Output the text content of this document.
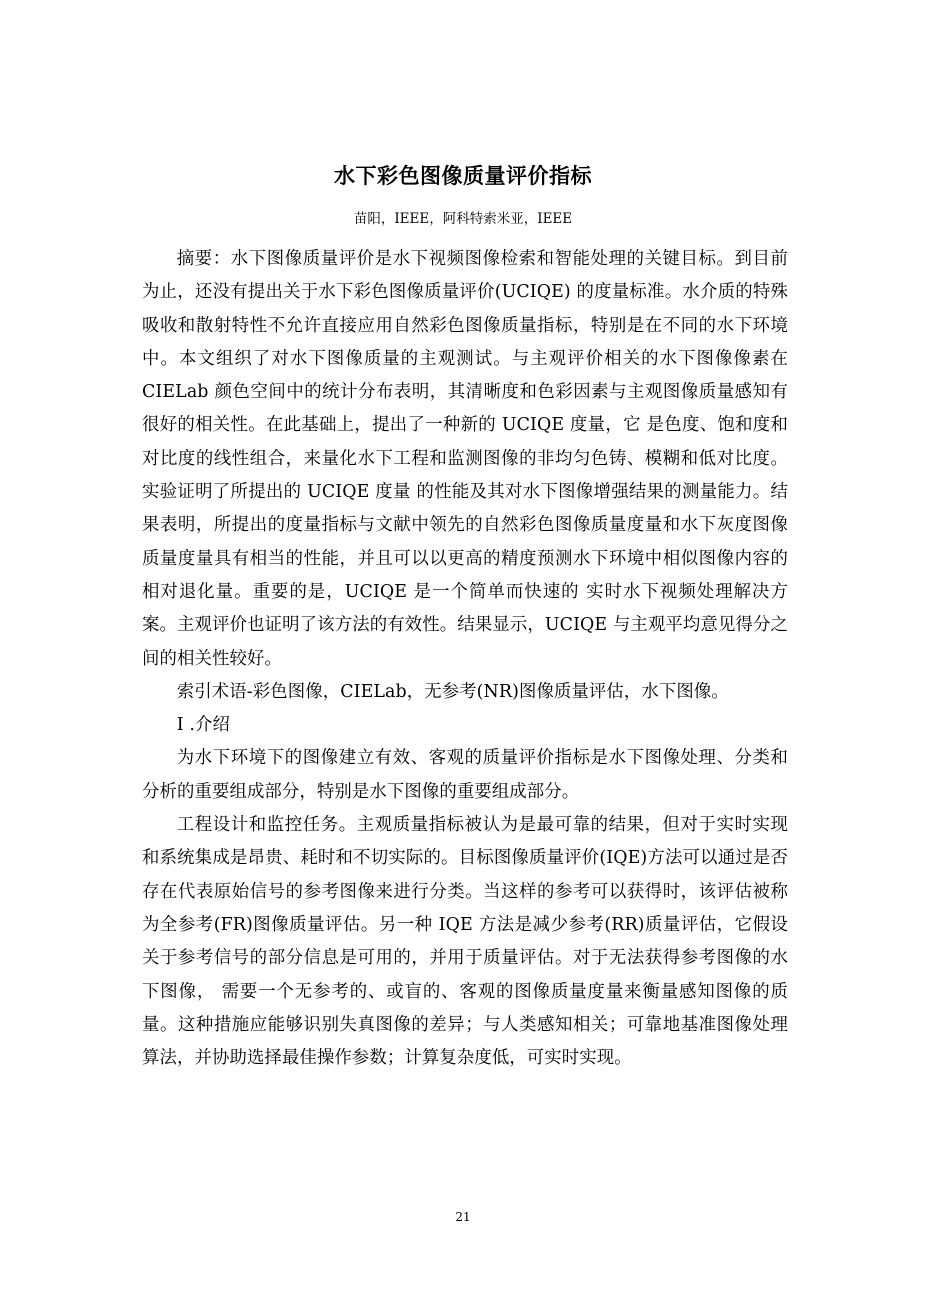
水下彩色图像质量评价指标
苗阳，IEEE，阿科特索米亚，IEEE

摘要：水下图像质量评价是水下视频图像检索和智能处理的关键目标。到目前为止，还没有提出关于水下彩色图像质量评价(UCIQE) 的度量标准。水介质的特殊吸收和散射特性不允许直接应用自然彩色图像质量指标，特别是在不同的水下环境中。本文组织了对水下图像质量的主观测试。与主观评价相关的水下图像像素在 CIELab 颜色空间中的统计分布表明，其清晰度和色彩因素与主观图像质量感知有很好的相关性。在此基础上，提出了一种新的 UCIQE 度量，它 是色度、饱和度和对比度的线性组合，来量化水下工程和监测图像的非均匀色铸、模糊和低对比度。实验证明了所提出的 UCIQE 度量 的性能及其对水下图像增强结果的测量能力。结果表明，所提出的度量指标与文献中领先的自然彩色图像质量度量和水下灰度图像质量度量具有相当的性能，并且可以以更高的精度预测水下环境中相似图像内容的相对退化量。重要的是，UCIQE 是一个简单而快速的 实时水下视频处理解决方案。主观评价也证明了该方法的有效性。结果显示，UCIQE 与主观平均意见得分之间的相关性较好。

索引术语-彩色图像，CIELab，无参考(NR)图像质量评估，水下图像。

I .介绍

为水下环境下的图像建立有效、客观的质量评价指标是水下图像处理、分类和分析的重要组成部分，特别是水下图像的重要组成部分。

工程设计和监控任务。主观质量指标被认为是最可靠的结果，但对于实时实现和系统集成是昂贵、耗时和不切实际的。目标图像质量评价(IQE)方法可以通过是否存在代表原始信号的参考图像来进行分类。当这样的参考可以获得时，该评估被称为全参考(FR)图像质量评估。另一种 IQE 方法是减少参考(RR)质量评估，它假设关于参考信号的部分信息是可用的，并用于质量评估。对于无法获得参考图像的水下图像， 需要一个无参考的、或盲的、客观的图像质量度量来衡量感知图像的质量。这种措施应能够识别失真图像的差异；与人类感知相关；可靠地基准图像处理算法，并协助选择最佳操作参数；计算复杂度低，可实时实现。

21
